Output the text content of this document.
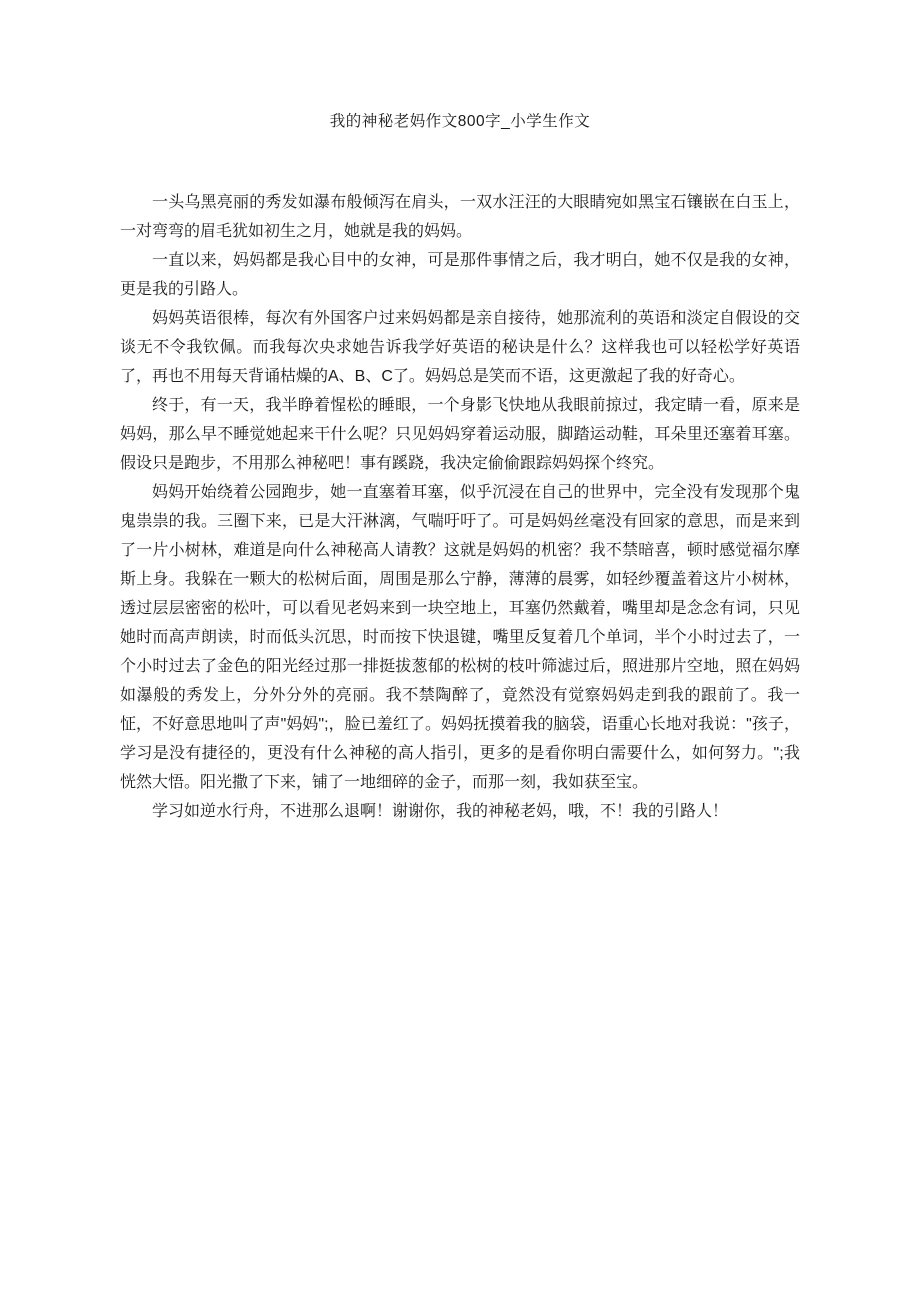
我的神秘老妈作文800字_小学生作文

一头乌黑亮丽的秀发如瀑布般倾泻在肩头，一双水汪汪的大眼睛宛如黑宝石镶嵌在白玉上，一对弯弯的眉毛犹如初生之月，她就是我的妈妈。

一直以来，妈妈都是我心目中的女神，可是那件事情之后，我才明白，她不仅是我的女神，更是我的引路人。

妈妈英语很棒，每次有外国客户过来妈妈都是亲自接待，她那流利的英语和淡定自假设的交谈无不令我钦佩。而我每次央求她告诉我学好英语的秘诀是什么？这样我也可以轻松学好英语了，再也不用每天背诵枯燥的A、B、C了。妈妈总是笑而不语，这更激起了我的好奇心。

终于，有一天，我半睁着惺松的睡眼，一个身影飞快地从我眼前掠过，我定睛一看，原来是妈妈，那么早不睡觉她起来干什么呢？只见妈妈穿着运动服，脚踏运动鞋，耳朵里还塞着耳塞。假设只是跑步，不用那么神秘吧！事有蹊跷，我决定偷偷跟踪妈妈探个终究。

妈妈开始绕着公园跑步，她一直塞着耳塞，似乎沉浸在自己的世界中，完全没有发现那个鬼鬼祟祟的我。三圈下来，已是大汗淋漓，气喘吁吁了。可是妈妈丝毫没有回家的意思，而是来到了一片小树林，难道是向什么神秘高人请教？这就是妈妈的机密？我不禁暗喜，顿时感觉福尔摩斯上身。我躲在一颗大的松树后面，周围是那么宁静，薄薄的晨雾，如轻纱覆盖着这片小树林，透过层层密密的松叶，可以看见老妈来到一块空地上，耳塞仍然戴着，嘴里却是念念有词，只见她时而高声朗读，时而低头沉思，时而按下快退键，嘴里反复着几个单词，半个小时过去了，一个小时过去了金色的阳光经过那一排挺拔葱郁的松树的枝叶筛滤过后，照进那片空地，照在妈妈如瀑般的秀发上，分外分外的亮丽。我不禁陶醉了，竟然没有觉察妈妈走到我的跟前了。我一怔，不好意思地叫了声"妈妈";，脸已羞红了。妈妈抚摸着我的脑袋，语重心长地对我说："孩子，学习是没有捷径的，更没有什么神秘的高人指引，更多的是看你明白需要什么，如何努力。";我恍然大悟。阳光撒了下来，铺了一地细碎的金子，而那一刻，我如获至宝。

学习如逆水行舟，不进那么退啊！谢谢你，我的神秘老妈，哦，不！我的引路人！
